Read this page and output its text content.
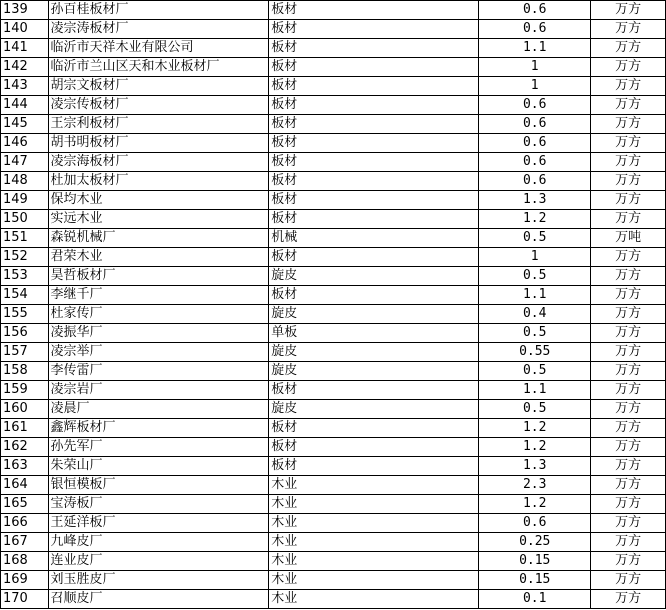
139	孙百桂板材厂	板材	0.6	万方
140	凌宗涛板材厂	板材	0.6	万方
141	临沂市天祥木业有限公司	板材	1.1	万方
142	临沂市兰山区天和木业板材厂	板材	1	万方
143	胡宗文板材厂	板材	1	万方
144	凌宗传板材厂	板材	0.6	万方
145	王宗利板材厂	板材	0.6	万方
146	胡书明板材厂	板材	0.6	万方
147	凌宗海板材厂	板材	0.6	万方
148	杜加太板材厂	板材	0.6	万方
149	保均木业	板材	1.3	万方
150	实远木业	板材	1.2	万方
151	森锐机械厂	机械	0.5	万吨
152	君荣木业	板材	1	万方
153	昊哲板材厂	旋皮	0.5	万方
154	李继千厂	板材	1.1	万方
155	杜家传厂	旋皮	0.4	万方
156	凌振华厂	单板	0.5	万方
157	凌宗举厂	旋皮	0.55	万方
158	李传雷厂	旋皮	0.5	万方
159	凌宗岩厂	板材	1.1	万方
160	凌晨厂	旋皮	0.5	万方
161	鑫辉板材厂	板材	1.2	万方
162	孙先军厂	板材	1.2	万方
163	朱荣山厂	板材	1.3	万方
164	银恒模板厂	木业	2.3	万方
165	宝涛板厂	木业	1.2	万方
166	王延洋板厂	木业	0.6	万方
167	九峰皮厂	木业	0.25	万方
168	连业皮厂	木业	0.15	万方
169	刘玉胜皮厂	木业	0.15	万方
170	召顺皮厂	木业	0.1	万方
